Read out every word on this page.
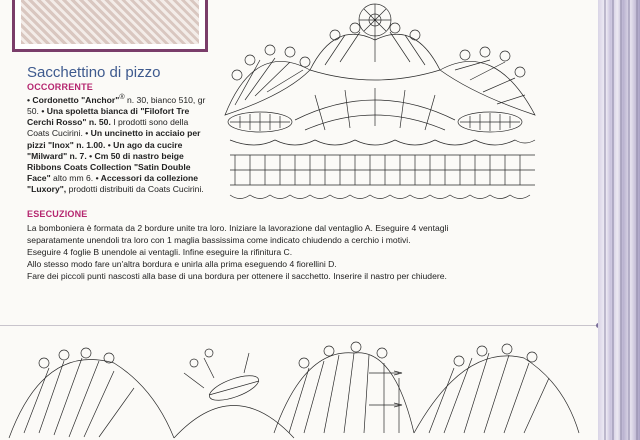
Sacchettino di pizzo
OCCORRENTE
• Cordonetto "Anchor"® n. 30, bianco 510, gr 50. • Una spoletta bianca di "Filofort Tre Cerchi Rosso" n. 50. I prodotti sono della Coats Cucirini. • Un uncinetto in acciaio per pizzi "Inox" n. 1.00. • Un ago da cucire "Milward" n. 7. • Cm 50 di nastro beige Ribbons Coats Collection "Satin Double Face" alto mm 6. • Accessori da collezione "Luxory", prodotti distribuiti da Coats Cucirini.
ESECUZIONE

La bomboniera è formata da 2 bordure unite tra loro. Iniziare la lavorazione dal ventaglio A. Eseguire 4 ventagli

separatamente unendoli tra loro con 1 maglia bassissima come indicato chiudendo a cerchio i motivi.

Eseguire 4 foglie B unendole ai ventagli. Infine eseguire la rifinitura C.

Allo stesso modo fare un'altra bordura e unirla alla prima eseguendo 4 fiorellini D.

Fare dei piccoli punti nascosti alla base di una bordura per ottenere il sacchetto. Inserire il nastro per chiudere.
